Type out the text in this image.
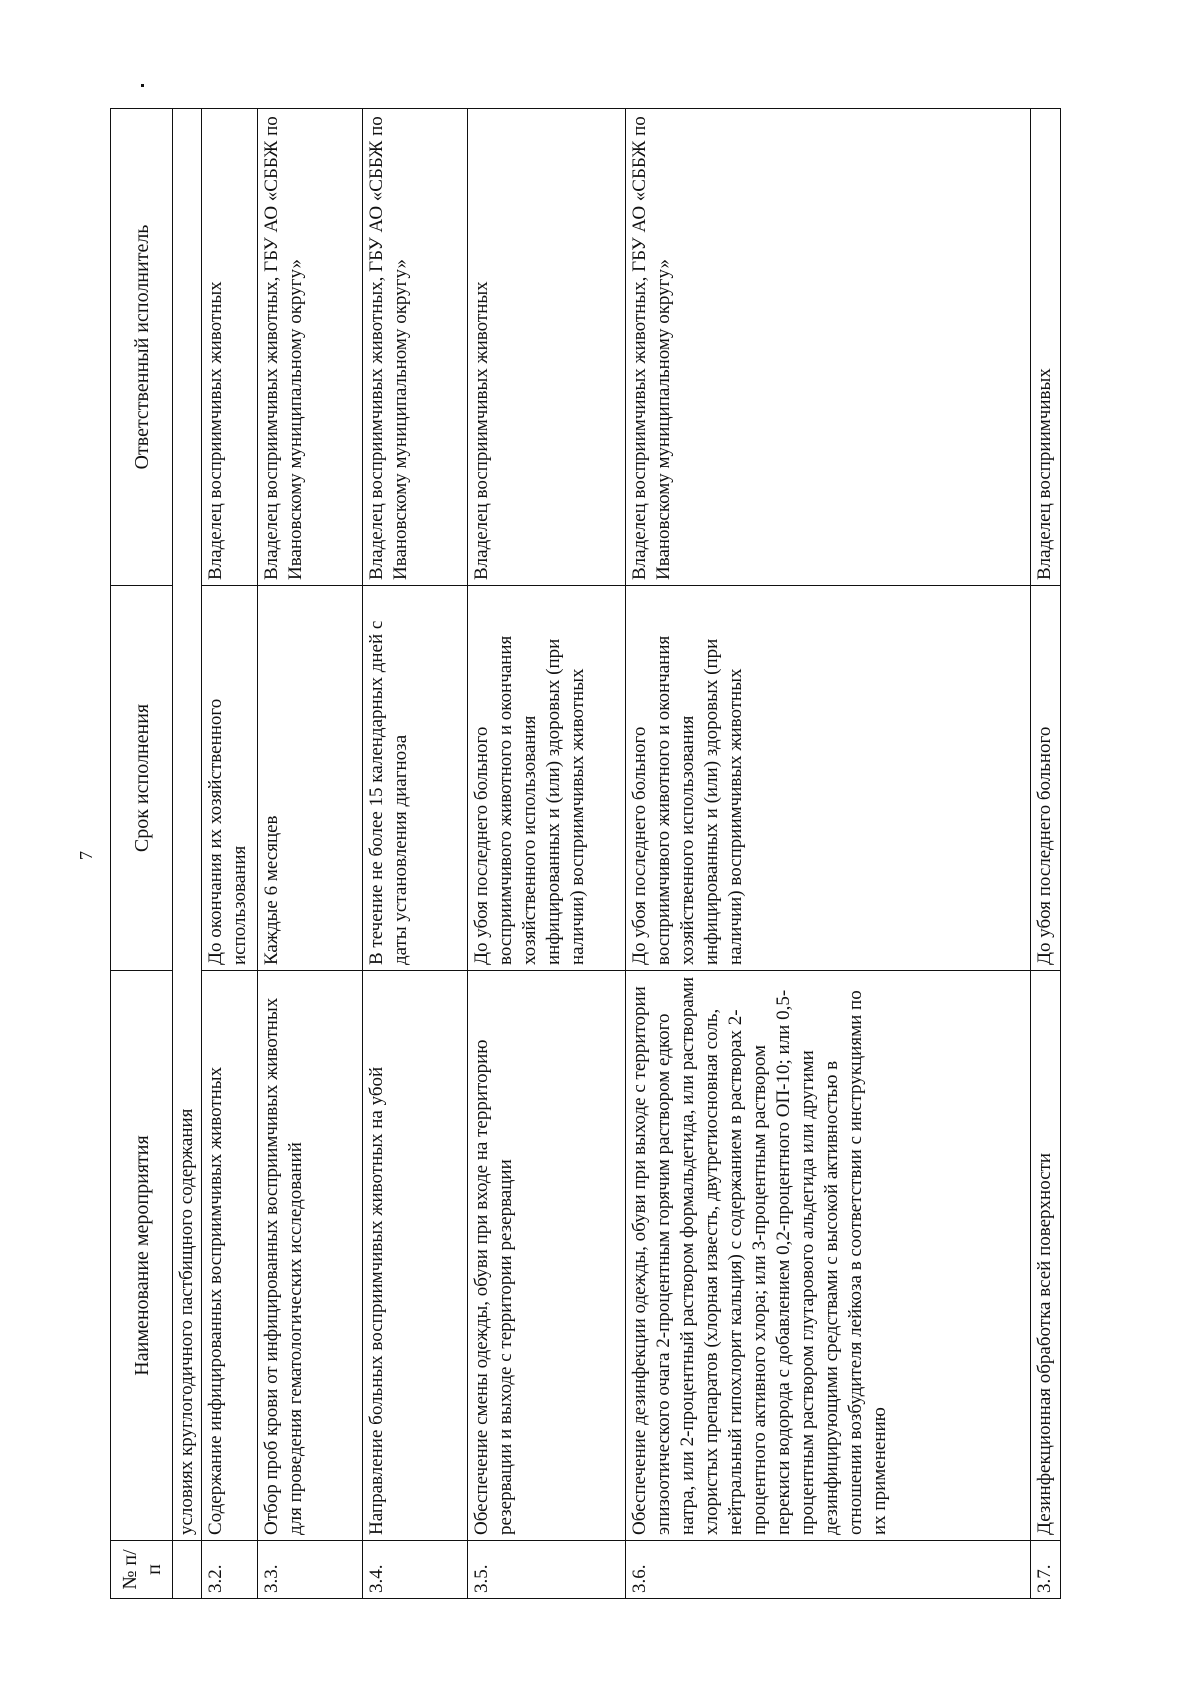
7
№ п/п	Наименование мероприятия	Срок исполнения	Ответственный исполнитель
	условиях круглогодичного пастбищного содержания		
3.2.	Содержание инфицированных восприимчивых животных	До окончания их хозяйственного использования	Владелец восприимчивых животных
3.3.	Отбор проб крови от инфицированных восприимчивых животных для проведения гематологических исследований	Каждые 6 месяцев	Владелец восприимчивых животных, ГБУ АО «СББЖ по Ивановскому муниципальному округу»
3.4.	Направление больных восприимчивых животных на убой	В течение не более 15 календарных дней с даты установления диагноза	Владелец восприимчивых животных, ГБУ АО «СББЖ по Ивановскому муниципальному округу»
3.5.	Обеспечение смены одежды, обуви при входе на территорию резервации и выходе с территории резервации	До убоя последнего больного восприимчивого животного и окончания хозяйственного использования инфицированных и (или) здоровых (при наличии) восприимчивых животных	Владелец восприимчивых животных
3.6.	Обеспечение дезинфекции одежды, обуви при выходе с территории эпизоотического очага 2-процентным горячим раствором едкого натра, или 2-процентный раствором формальдегида, или растворами хлористых препаратов (хлорная известь, двутретиосновная соль, нейтральный гипохлорит кальция) с содержанием в растворах 2-процентного активного хлора; или 3-процентным раствором перекиси водорода с добавлением 0,2-процентного ОП-10; или 0,5-процентным раствором глутарового альдегида или другими дезинфицирующими средствами с высокой активностью в отношении возбудителя лейкоза в соответствии с инструкциями по их применению	До убоя последнего больного восприимчивого животного и окончания хозяйственного использования инфицированных и (или) здоровых (при наличии) восприимчивых животных	Владелец восприимчивых животных, ГБУ АО «СББЖ по Ивановскому муниципальному округу»
3.7.	Дезинфекционная обработка всей поверхности	До убоя последнего больного	Владелец восприимчивых
